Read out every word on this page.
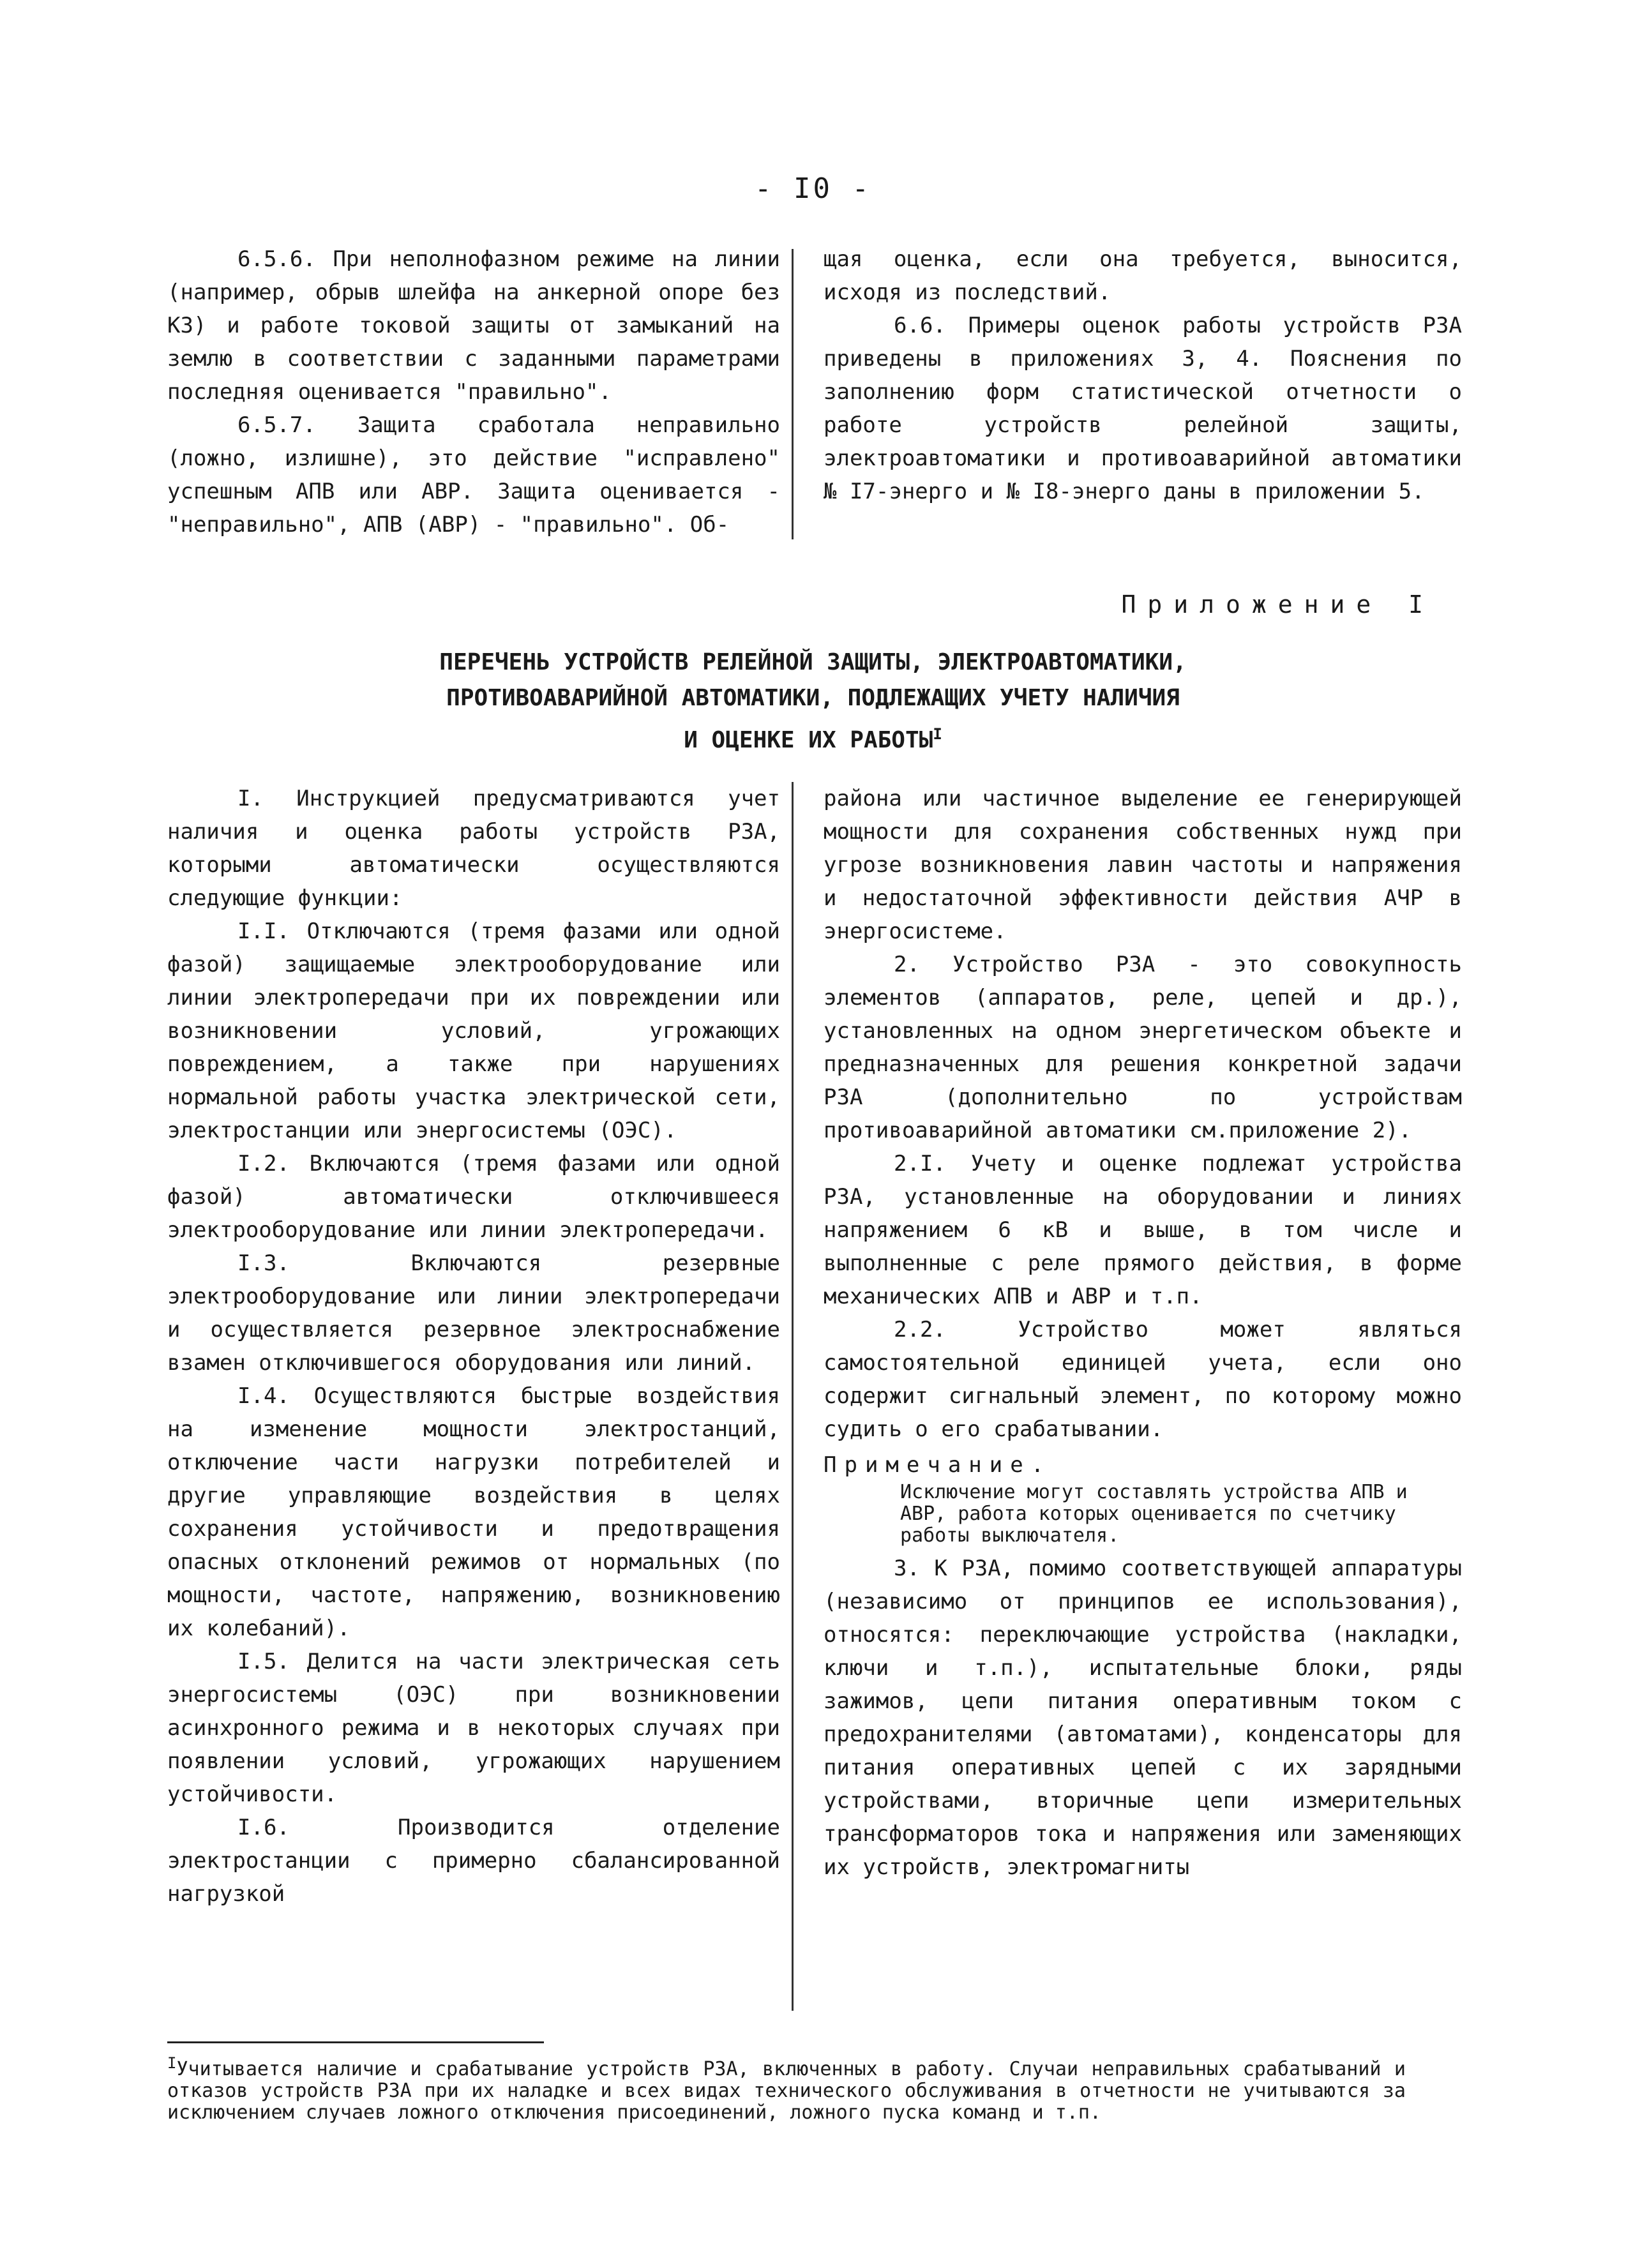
- I0 -

6.5.6. При неполнофазном режиме на линии (например, обрыв шлейфа на анкерной опоре без КЗ) и работе токовой защиты от замыканий на землю в соответствии с заданными параметрами последняя оценивается "правильно".

6.5.7. Защита сработала неправильно (ложно, излишне), это действие "исправлено" успешным АПВ или АВР. Защита оценивается - "неправильно", АПВ (АВР) - "правильно". Об-

щая оценка, если она требуется, выносится, исходя из последствий.

6.6. Примеры оценок работы устройств РЗА приведены в приложениях 3, 4. Пояснения по заполнению форм статистической отчетности о работе устройств релейной защиты, электроавтоматики и противоаварийной автоматики № I7-энерго и № I8-энерго даны в приложении 5.

Приложение I
ПЕРЕЧЕНЬ УСТРОЙСТВ РЕЛЕЙНОЙ ЗАЩИТЫ, ЭЛЕКТРОАВТОМАТИКИ,
ПРОТИВОАВАРИЙНОЙ АВТОМАТИКИ, ПОДЛЕЖАЩИХ УЧЕТУ НАЛИЧИЯ
И ОЦЕНКЕ ИХ РАБОТЫ$^I$

I. Инструкцией предусматриваются учет наличия и оценка работы устройств РЗА, которыми автоматически осуществляются следующие функции:

I.I. Отключаются (тремя фазами или одной фазой) защищаемые электрооборудование или линии электропередачи при их повреждении или возникновении условий, угрожающих повреждением, а также при нарушениях нормальной работы участка электрической сети, электростанции или энергосистемы (ОЭС).

I.2. Включаются (тремя фазами или одной фазой) автоматически отключившееся электрооборудование или линии электропередачи.

I.3. Включаются резервные электрооборудование или линии электропередачи и осуществляется резервное электроснабжение взамен отключившегося оборудования или линий.

I.4. Осуществляются быстрые воздействия на изменение мощности электростанций, отключение части нагрузки потребителей и другие управляющие воздействия в целях сохранения устойчивости и предотвращения опасных отклонений режимов от нормальных (по мощности, частоте, напряжению, возникновению их колебаний).

I.5. Делится на части электрическая сеть энергосистемы (ОЭС) при возникновении асинхронного режима и в некоторых случаях при появлении условий, угрожающих нарушением устойчивости.

I.6. Производится отделение электростанции с примерно сбалансированной нагрузкой

района или частичное выделение ее генерирующей мощности для сохранения собственных нужд при угрозе возникновения лавин частоты и напряжения и недостаточной эффективности действия АЧР в энергосистеме.

2. Устройство РЗА - это совокупность элементов (аппаратов, реле, цепей и др.), установленных на одном энергетическом объекте и предназначенных для решения конкретной задачи РЗА (дополнительно по устройствам противоаварийной автоматики см.приложение 2).

2.I. Учету и оценке подлежат устройства РЗА, установленные на оборудовании и линиях напряжением 6 кВ и выше, в том числе и выполненные с реле прямого действия, в форме механических АПВ и АВР и т.п.

2.2. Устройство может являться самостоятельной единицей учета, если оно содержит сигнальный элемент, по которому можно судить о его срабатывании.

Примечание.
Исключение могут составлять устройства АПВ и АВР, работа которых оценивается по счетчику работы выключателя.

3. К РЗА, помимо соответствующей аппаратуры (независимо от принципов ее использования), относятся: переключающие устройства (накладки, ключи и т.п.), испытательные блоки, ряды зажимов, цепи питания оперативным током с предохранителями (автоматами), конденсаторы для питания оперативных цепей с их зарядными устройствами, вторичные цепи измерительных трансформаторов тока и напряжения или заменяющих их устройств, электромагниты

$^I$Учитывается наличие и срабатывание устройств РЗА, включенных в работу. Случаи неправильных срабатываний и отказов устройств РЗА при их наладке и всех видах технического обслуживания в отчетности не учитываются за исключением случаев ложного отключения присоединений, ложного пуска команд и т.п.
